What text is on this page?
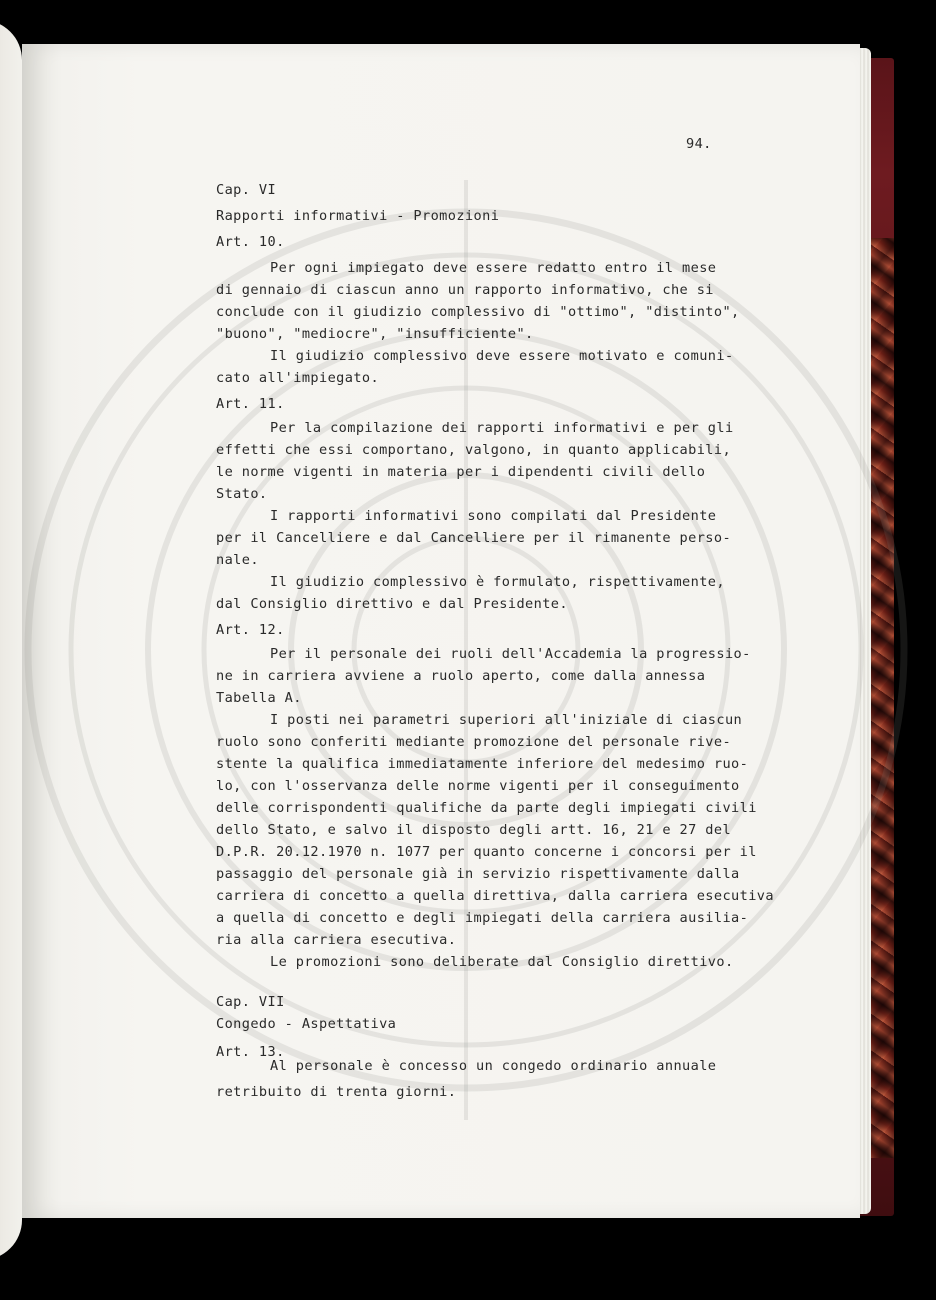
94.
Cap. VI
Rapporti informativi - Promozioni
Art. 10.
Per ogni impiegato deve essere redatto entro il mese
di gennaio di ciascun anno un rapporto informativo, che si
conclude con il giudizio complessivo di "ottimo", "distinto",
"buono", "mediocre", "insufficiente".
Il giudizio complessivo deve essere motivato e comuni-
cato all'impiegato.
Art. 11.
Per la compilazione dei rapporti informativi e per gli
effetti che essi comportano, valgono, in quanto applicabili,
le norme vigenti in materia per i dipendenti civili dello
Stato.
I rapporti informativi sono compilati dal Presidente
per il Cancelliere e dal Cancelliere per il rimanente perso-
nale.
Il giudizio complessivo è formulato, rispettivamente,
dal Consiglio direttivo e dal Presidente.
Art. 12.
Per il personale dei ruoli dell'Accademia la progressio-
ne in carriera avviene a ruolo aperto, come dalla annessa
Tabella A.
I posti nei parametri superiori all'iniziale di ciascun
ruolo sono conferiti mediante promozione del personale rive-
stente la qualifica immediatamente inferiore del medesimo ruo-
lo, con l'osservanza delle norme vigenti per il conseguimento
delle corrispondenti qualifiche da parte degli impiegati civili
dello Stato, e salvo il disposto degli artt. 16, 21 e 27 del
D.P.R. 20.12.1970 n. 1077 per quanto concerne i concorsi per il
passaggio del personale già in servizio rispettivamente dalla
carriera di concetto a quella direttiva, dalla carriera esecutiva
a quella di concetto e degli impiegati della carriera ausilia-
ria alla carriera esecutiva.
Le promozioni sono deliberate dal Consiglio direttivo.
Cap. VII
Congedo - Aspettativa
Art. 13.
Al personale è concesso un congedo ordinario annuale
retribuito di trenta giorni.
